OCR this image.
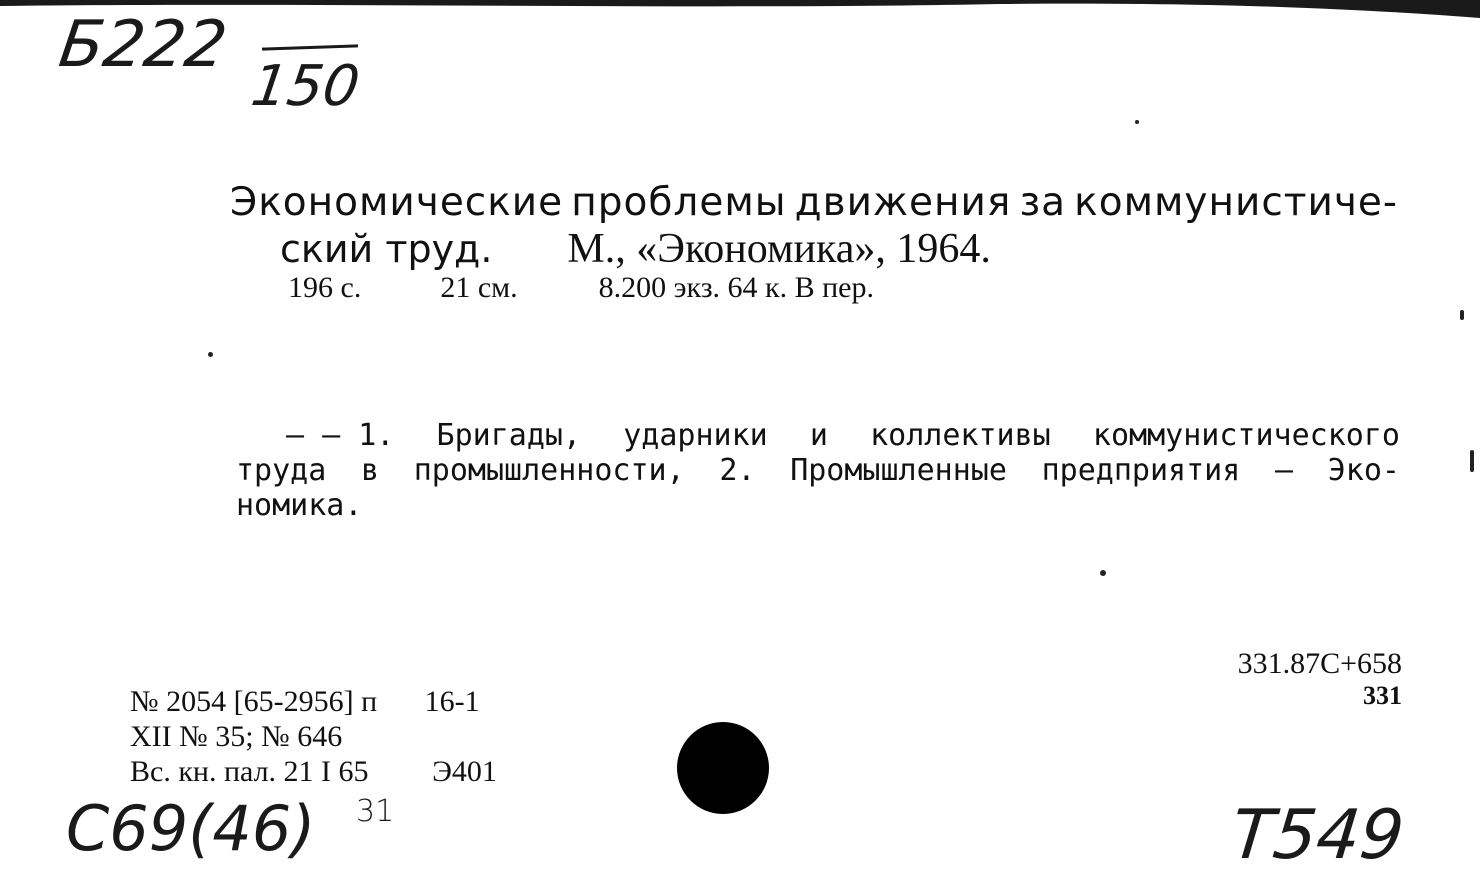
Б222
150
Экономические проблемы движения за коммунистиче-
ский труд. М., «Экономика», 1964.
196 с.	21 см.	8.200 экз. 64 к. В пер.
— — 1. Бригады, ударники и коллективы коммунистического
труда в промышленности, 2. Промышленные предприятия — Эко-
номика.
331.87С+658
331
№ 2054 [65-2956] п 16-1
XII № 35; № 646
Вс. кн. пал. 21 I 65 Э401
С69(46) 31	Т549
